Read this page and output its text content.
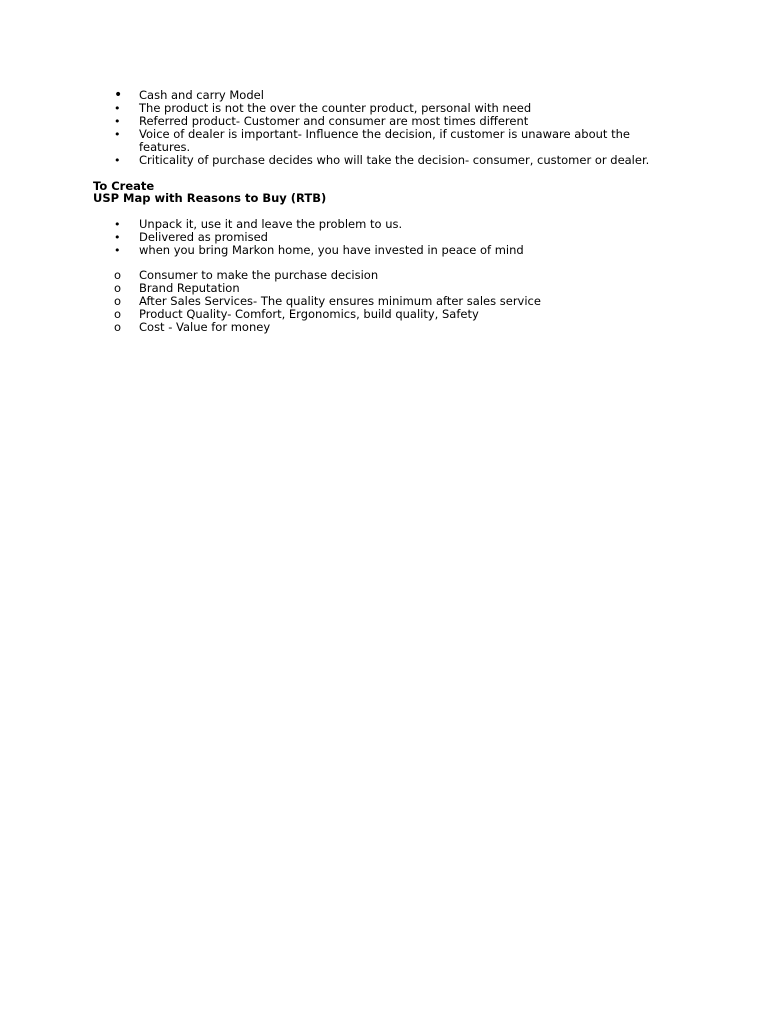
•	Cash and carry Model
•	The product is not the over the counter product, personal with need
•	Referred product- Customer and consumer are most times different
•	Voice of dealer is important- Influence the decision, if customer is unaware about the features.
•	Criticality of purchase decides who will take the decision- consumer, customer or dealer.
To Create
USP Map with Reasons to Buy (RTB)
•	Unpack it, use it and leave the problem to us.
•	Delivered as promised
•	when you bring Markon home, you have invested in peace of mind
o	Consumer to make the purchase decision
o	Brand Reputation
o	After Sales Services- The quality ensures minimum after sales service
o	Product Quality- Comfort, Ergonomics, build quality, Safety
o	Cost - Value for money
